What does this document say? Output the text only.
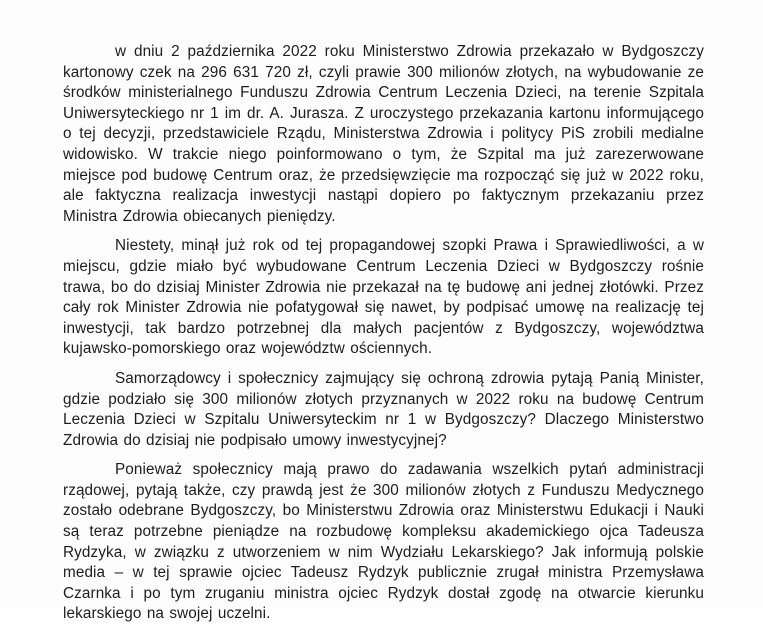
w dniu 2 października 2022 roku Ministerstwo Zdrowia przekazało w Bydgoszczy kartonowy czek na 296 631 720 zł, czyli prawie 300 milionów złotych, na wybudowanie ze środków ministerialnego Funduszu Zdrowia Centrum Leczenia Dzieci, na terenie Szpitala Uniwersyteckiego nr 1 im dr. A. Jurasza. Z uroczystego przekazania kartonu informującego o tej decyzji, przedstawiciele Rządu, Ministerstwa Zdrowia i politycy PiS zrobili medialne widowisko. W trakcie niego poinformowano o tym, że Szpital ma już zarezerwowane miejsce pod budowę Centrum oraz, że przedsięwzięcie ma rozpocząć się już w 2022 roku, ale faktyczna realizacja inwestycji nastąpi dopiero po faktycznym przekazaniu przez Ministra Zdrowia obiecanych pieniędzy.

Niestety, minął już rok od tej propagandowej szopki Prawa i Sprawiedliwości, a w miejscu, gdzie miało być wybudowane Centrum Leczenia Dzieci w Bydgoszczy rośnie trawa, bo do dzisiaj Minister Zdrowia nie przekazał na tę budowę ani jednej złotówki. Przez cały rok Minister Zdrowia nie pofatygował się nawet, by podpisać umowę na realizację tej inwestycji, tak bardzo potrzebnej dla małych pacjentów z Bydgoszczy, województwa kujawsko-pomorskiego oraz województw ościennych.

Samorządowcy i społecznicy zajmujący się ochroną zdrowia pytają Panią Minister, gdzie podziało się 300 milionów złotych przyznanych w 2022 roku na budowę Centrum Leczenia Dzieci w Szpitalu Uniwersyteckim nr 1 w Bydgoszczy? Dlaczego Ministerstwo Zdrowia do dzisiaj nie podpisało umowy inwestycyjnej?

Ponieważ społecznicy mają prawo do zadawania wszelkich pytań administracji rządowej, pytają także, czy prawdą jest że 300 milionów złotych z Funduszu Medycznego zostało odebrane Bydgoszczy, bo Ministerstwu Zdrowia oraz Ministerstwu Edukacji i Nauki są teraz potrzebne pieniądze na rozbudowę kompleksu akademickiego ojca Tadeusza Rydzyka, w związku z utworzeniem w nim Wydziału Lekarskiego? Jak informują polskie media – w tej sprawie ojciec Tadeusz Rydzyk publicznie zrugał ministra Przemysława Czarnka i po tym zruganiu ministra ojciec Rydzyk dostał zgodę na otwarcie kierunku lekarskiego na swojej uczelni.
